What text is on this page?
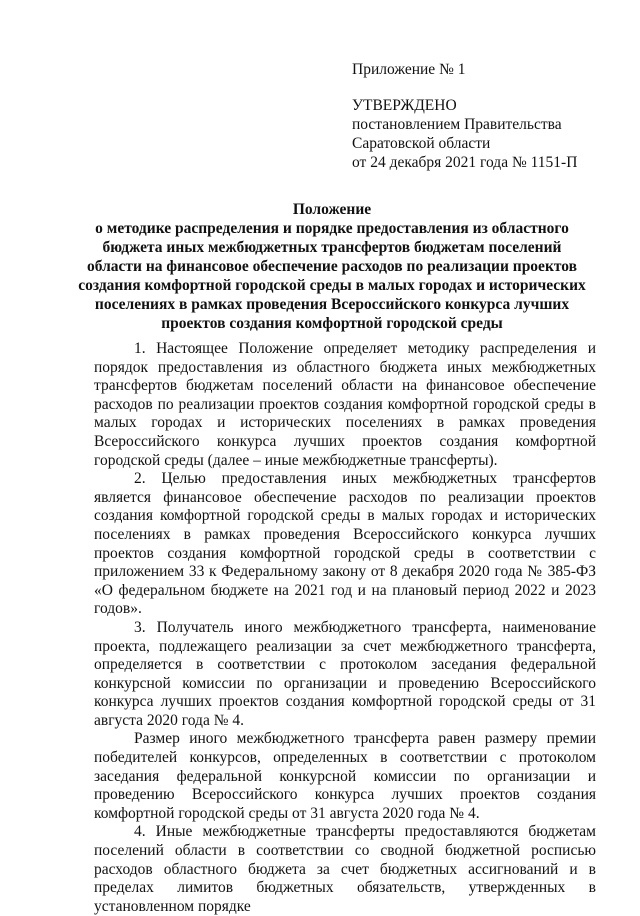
Приложение № 1
УТВЕРЖДЕНО
постановлением Правительства
Саратовской области
от 24 декабря 2021 года № 1151-П
Положение
о методике распределения и порядке предоставления из областного
бюджета иных межбюджетных трансфертов бюджетам поселений
области на финансовое обеспечение расходов по реализации проектов
создания комфортной городской среды в малых городах и исторических
поселениях в рамках проведения Всероссийского конкурса лучших
проектов создания комфортной городской среды

1. Настоящее Положение определяет методику распределения и порядок предоставления из областного бюджета иных межбюджетных трансфертов бюджетам поселений области на финансовое обеспечение расходов по реализации проектов создания комфортной городской среды в малых городах и исторических поселениях в рамках проведения Всероссийского конкурса лучших проектов создания комфортной городской среды (далее – иные межбюджетные трансферты).

2. Целью предоставления иных межбюджетных трансфертов является финансовое обеспечение расходов по реализации проектов создания комфортной городской среды в малых городах и исторических поселениях в рамках проведения Всероссийского конкурса лучших проектов создания комфортной городской среды в соответствии с приложением 33 к Федеральному закону от 8 декабря 2020 года № 385-ФЗ «О федеральном бюджете на 2021 год и на плановый период 2022 и 2023 годов».

3. Получатель иного межбюджетного трансферта, наименование проекта, подлежащего реализации за счет межбюджетного трансферта, определяется в соответствии с протоколом заседания федеральной конкурсной комиссии по организации и проведению Всероссийского конкурса лучших проектов создания комфортной городской среды от 31 августа 2020 года № 4.

Размер иного межбюджетного трансферта равен размеру премии победителей конкурсов, определенных в соответствии с протоколом заседания федеральной конкурсной комиссии по организации и проведению Всероссийского конкурса лучших проектов создания комфортной городской среды от 31 августа 2020 года № 4.

4. Иные межбюджетные трансферты предоставляются бюджетам поселений области в соответствии со сводной бюджетной росписью расходов областного бюджета за счет бюджетных ассигнований и в пределах лимитов бюджетных обязательств, утвержденных в установленном порядке
